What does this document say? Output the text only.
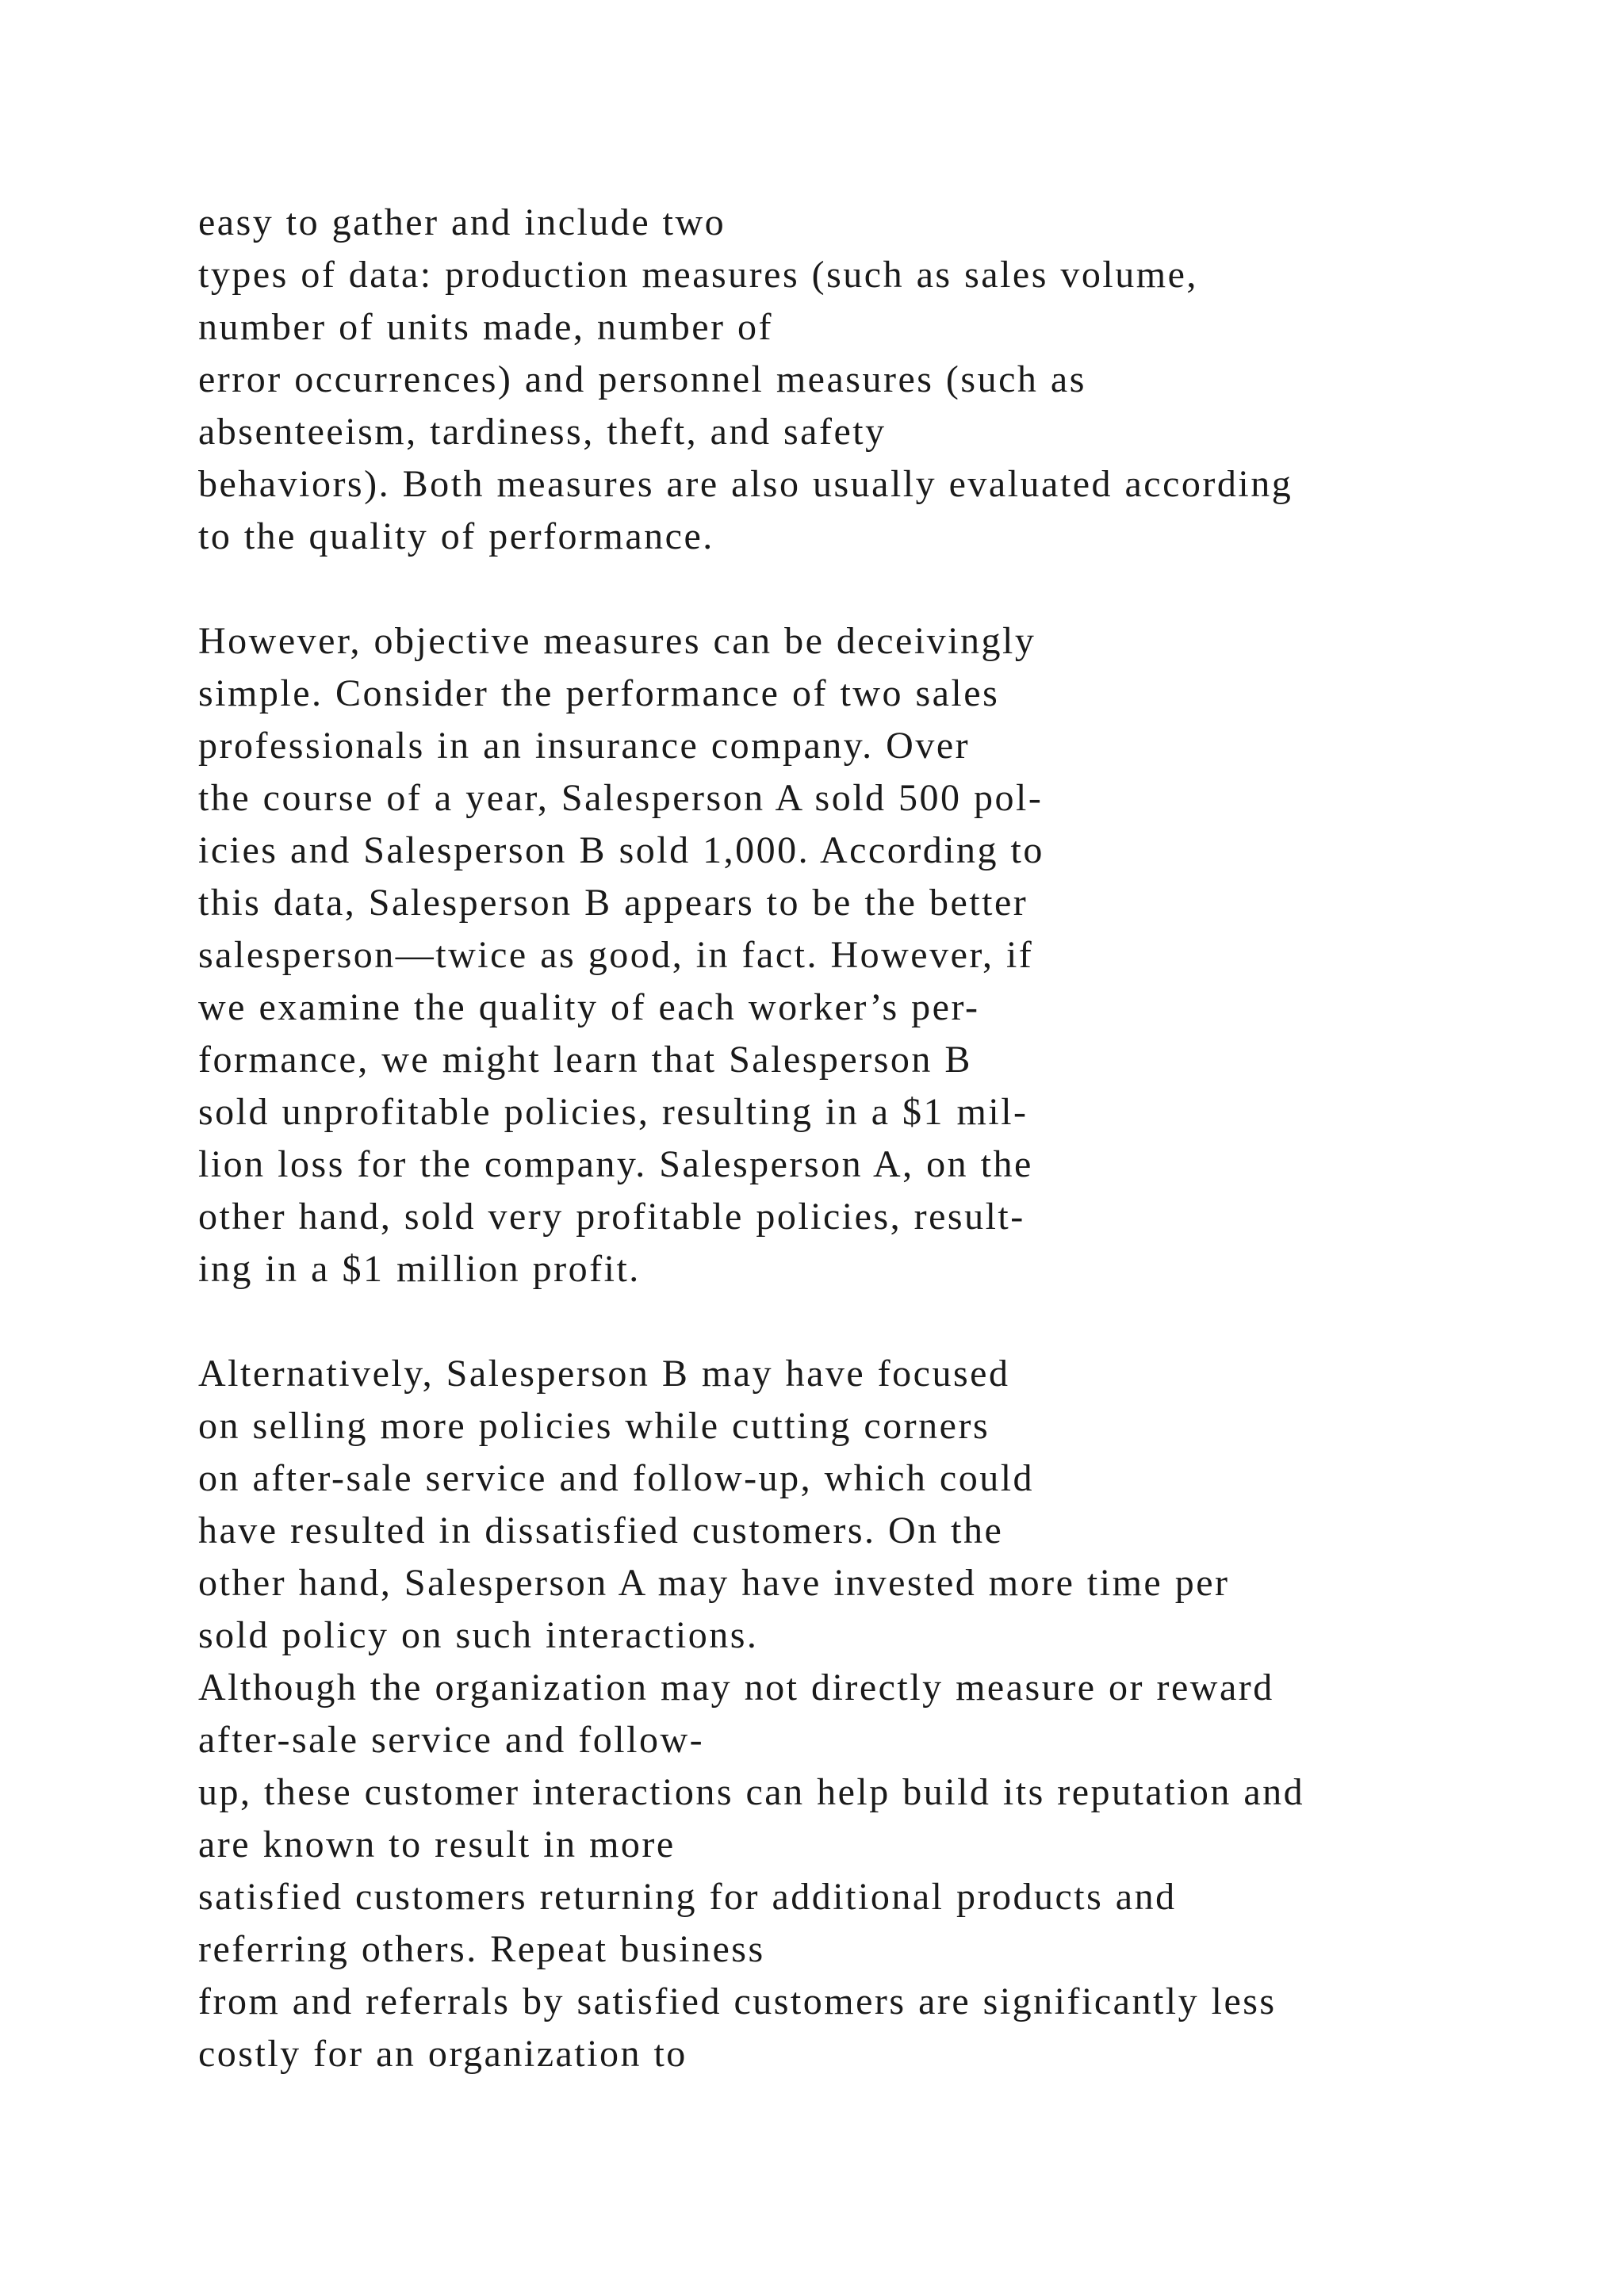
easy to gather and include two
types of data: production measures (such as sales volume,
number of units made, number of
error occurrences) and personnel measures (such as
absenteeism, tardiness, theft, and safety
behaviors). Both measures are also usually evaluated according
to the quality of performance.
However, objective measures can be deceivingly
simple. Consider the performance of two sales
professionals in an insurance company. Over
the course of a year, Salesperson A sold 500 pol-
icies and Salesperson B sold 1,000. According to
this data, Salesperson B appears to be the better
salesperson—twice as good, in fact. However, if
we examine the quality of each worker’s per-
formance, we might learn that Salesperson B
sold unprofitable policies, resulting in a $1 mil-
lion loss for the company. Salesperson A, on the
other hand, sold very profitable policies, result-
ing in a $1 million profit.
Alternatively, Salesperson B may have focused
on selling more policies while cutting corners
on after-sale service and follow-up, which could
have resulted in dissatisfied customers. On the
other hand, Salesperson A may have invested more time per
sold policy on such interactions.
Although the organization may not directly measure or reward
after-sale service and follow-
up, these customer interactions can help build its reputation and
are known to result in more
satisfied customers returning for additional products and
referring others. Repeat business
from and referrals by satisfied customers are significantly less
costly for an organization to
